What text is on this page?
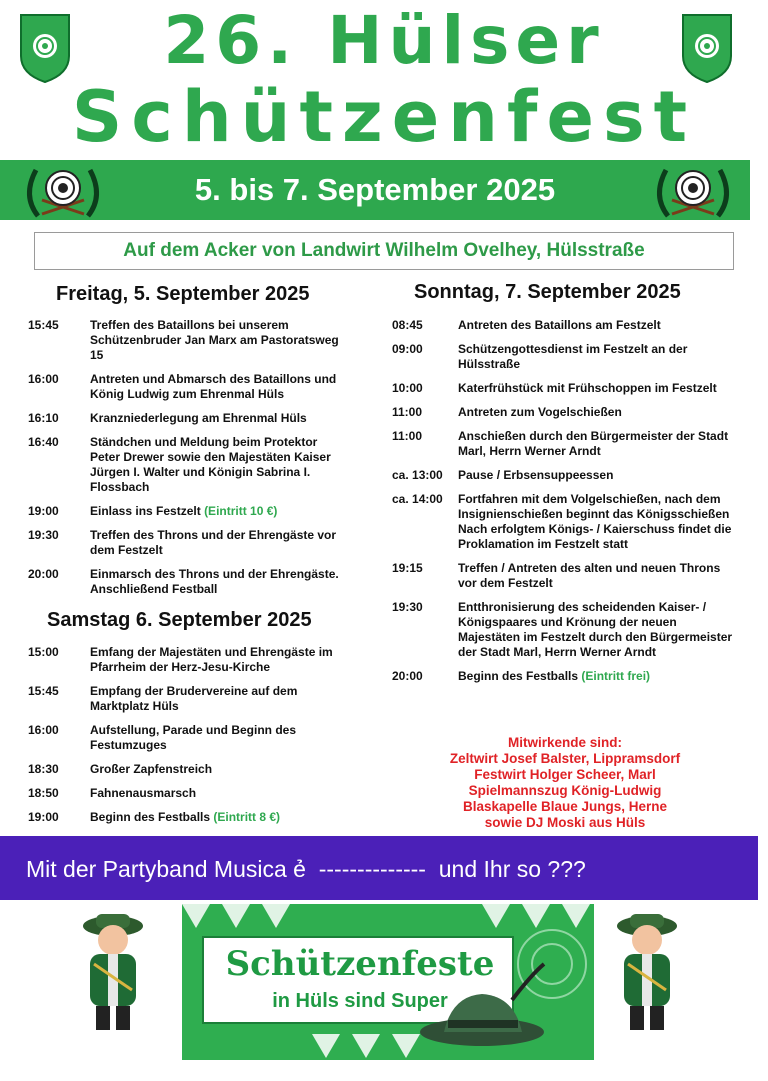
26. Hülser
Schützenfest
5. bis 7. September 2025
Auf dem Acker von Landwirt Wilhelm Ovelhey, Hülsstraße
Freitag, 5. September 2025
15:45	Treffen des Bataillons bei unserem Schützenbruder Jan Marx am Pastoratsweg 15
16:00	Antreten und Abmarsch des Bataillons und König Ludwig zum Ehrenmal Hüls
16:10	Kranzniederlegung am Ehrenmal Hüls
16:40	Ständchen und Meldung beim Protektor Peter Drewer sowie den Majestäten Kaiser Jürgen I. Walter und Königin Sabrina I. Flossbach
19:00	Einlass ins Festzelt (Eintritt 10 €)
19:30	Treffen des Throns und der Ehrengäste vor dem Festzelt
20:00	Einmarsch des Throns und der Ehrengäste. Anschließend Festball
Samstag 6. September 2025
15:00	Emfang der Majestäten und Ehrengäste im Pfarrheim der Herz-Jesu-Kirche
15:45	Empfang der Brudervereine auf dem Marktplatz Hüls
16:00	Aufstellung, Parade und Beginn des Festumzuges
18:30	Großer Zapfenstreich
18:50	Fahnenausmarsch
19:00	Beginn des Festballs (Eintritt 8 €)
Sonntag, 7. September 2025
08:45	Antreten des Bataillons am Festzelt
09:00	Schützengottesdienst im Festzelt an der Hülsstraße
10:00	Katerfrühstück mit Frühschoppen im Festzelt
11:00	Antreten zum Vogelschießen
11:00	Anschießen durch den Bürgermeister der Stadt Marl, Herrn Werner Arndt
ca. 13:00 Pause / Erbsensuppeessen
ca. 14:00 Fortfahren mit dem Volgelschießen, nach dem Insignienschießen beginnt das Königsschießen Nach erfolgtem Königs- / Kaierschuss findet die Proklamation im Festzelt statt
19:15	Treffen / Antreten des alten und neuen Throns vor dem Festzelt
19:30	Entthronisierung des scheidenden Kaiser- / Königspaares und Krönung der neuen Majestäten im Festzelt durch den Bürgermeister der Stadt Marl, Herrn Werner Arndt
20:00	Beginn des Festballs (Eintritt frei)
Mitwirkende sind:
Zeltwirt Josef Balster, Lippramsdorf
Festwirt Holger Scheer, Marl
Spielmannszug König-Ludwig
Blaskapelle Blaue Jungs, Herne
sowie DJ Moski aus Hüls
Mit der Partyband Musica ẻ  --------------  und Ihr so ???
Schützenfeste
in Hüls sind Super
